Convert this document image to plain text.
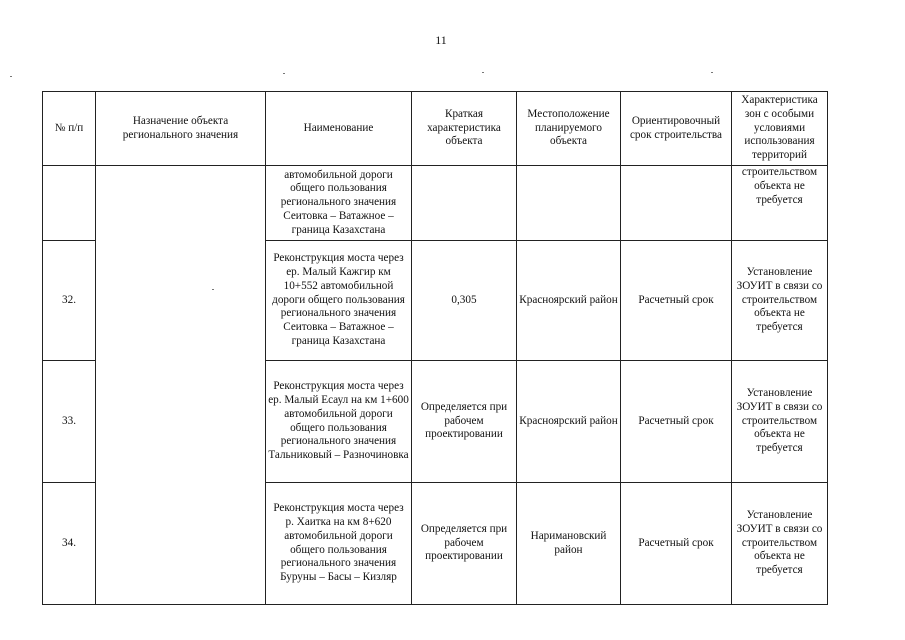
11
№ п/п	Назначение объекта регионального значения	Наименование	Краткая характеристика объекта	Местоположение планируемого объекта	Ориентировочный срок строительства	Характеристика зон с особыми условиями использования территорий
		автомобильной дороги общего пользования регионального значения Сеитовка – Ватажное – граница Казахстана				строительством объекта не требуется
32.		Реконструкция моста через ер. Малый Кажгир км 10+552 автомобильной дороги общего пользования регионального значения Сеитовка – Ватажное – граница Казахстана	0,305	Красноярский район	Расчетный срок	Установление ЗОУИТ в связи со строительством объекта не требуется
33.		Реконструкция моста через ер. Малый Есаул на км 1+600 автомобильной дороги общего пользования регионального значения Тальниковый – Разночиновка	Определяется при рабочем проектировании	Красноярский район	Расчетный срок	Установление ЗОУИТ в связи со строительством объекта не требуется
34.		Реконструкция моста через р. Хаитка на км 8+620 автомобильной дороги общего пользования регионального значения Буруны – Басы – Кизляр	Определяется при рабочем проектировании	Наримановский район	Расчетный срок	Установление ЗОУИТ в связи со строительством объекта не требуется
